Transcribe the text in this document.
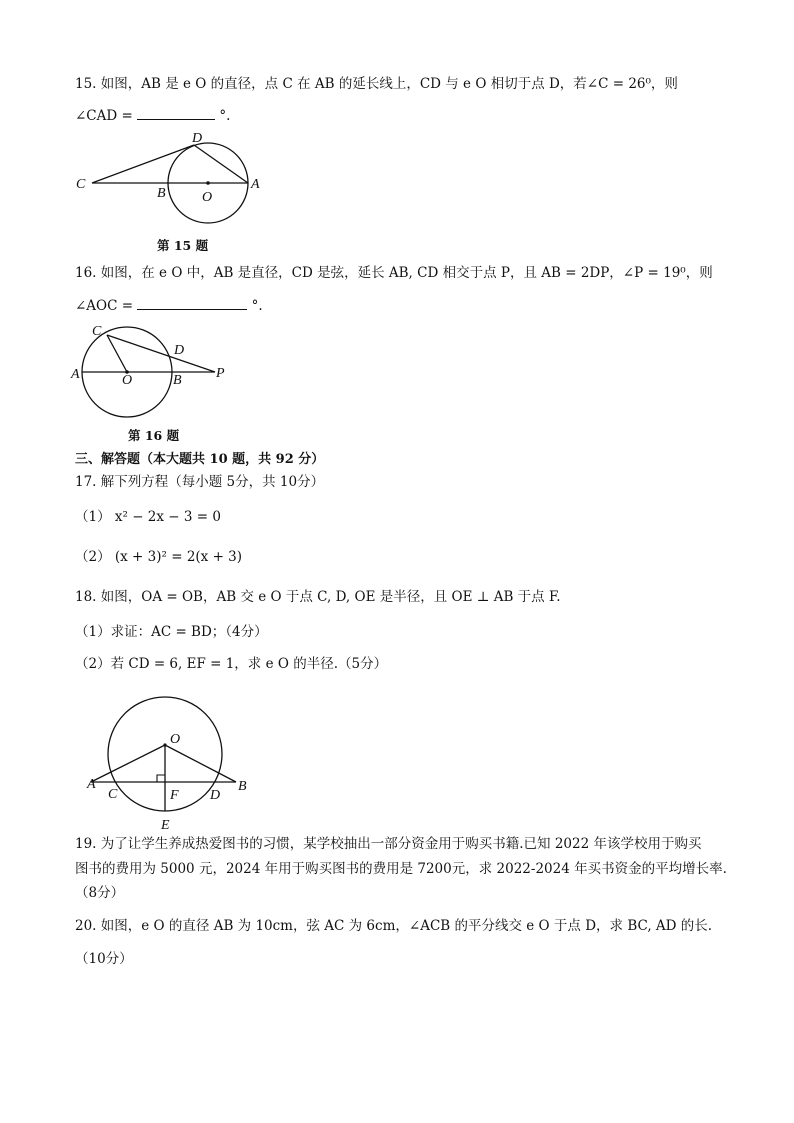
15. 如图，AB 是 e O 的直径，点 C 在 AB 的延长线上，CD 与 e O 相切于点 D，若∠C = 26⁰，则
∠CAD =	°.
C
B	O
A
D
第 15 题
16. 如图，在 e O 中，AB 是直径，CD 是弦，延长 AB, CD 相交于点 P，且 AB = 2DP，∠P = 19⁰，则
∠AOC =	°.
C
D
A	O	B P
第 16 题
三、解答题（本大题共 10 题，共 92 分）
17. 解下列方程（每小题 5分，共 10分）
（1） x² − 2x − 3 = 0
（2） (x + 3)² = 2(x + 3)
18. 如图，OA = OB，AB 交 e O 于点 C, D, OE 是半径，且 OE ⊥ AB 于点 F.
（1）求证：AC = BD；（4分）
（2）若 CD = 6, EF = 1，求 e O 的半径.（5分）
O
A
C	F D
B
E
19. 为了让学生养成热爱图书的习惯，某学校抽出一部分资金用于购买书籍.已知 2022 年该学校用于购买
图书的费用为 5000 元，2024 年用于购买图书的费用是 7200元，求 2022-2024 年买书资金的平均增长率.
（8分）
20. 如图，e O 的直径 AB 为 10cm，弦 AC 为 6cm，∠ACB 的平分线交 e O 于点 D，求 BC, AD 的长.
（10分）
